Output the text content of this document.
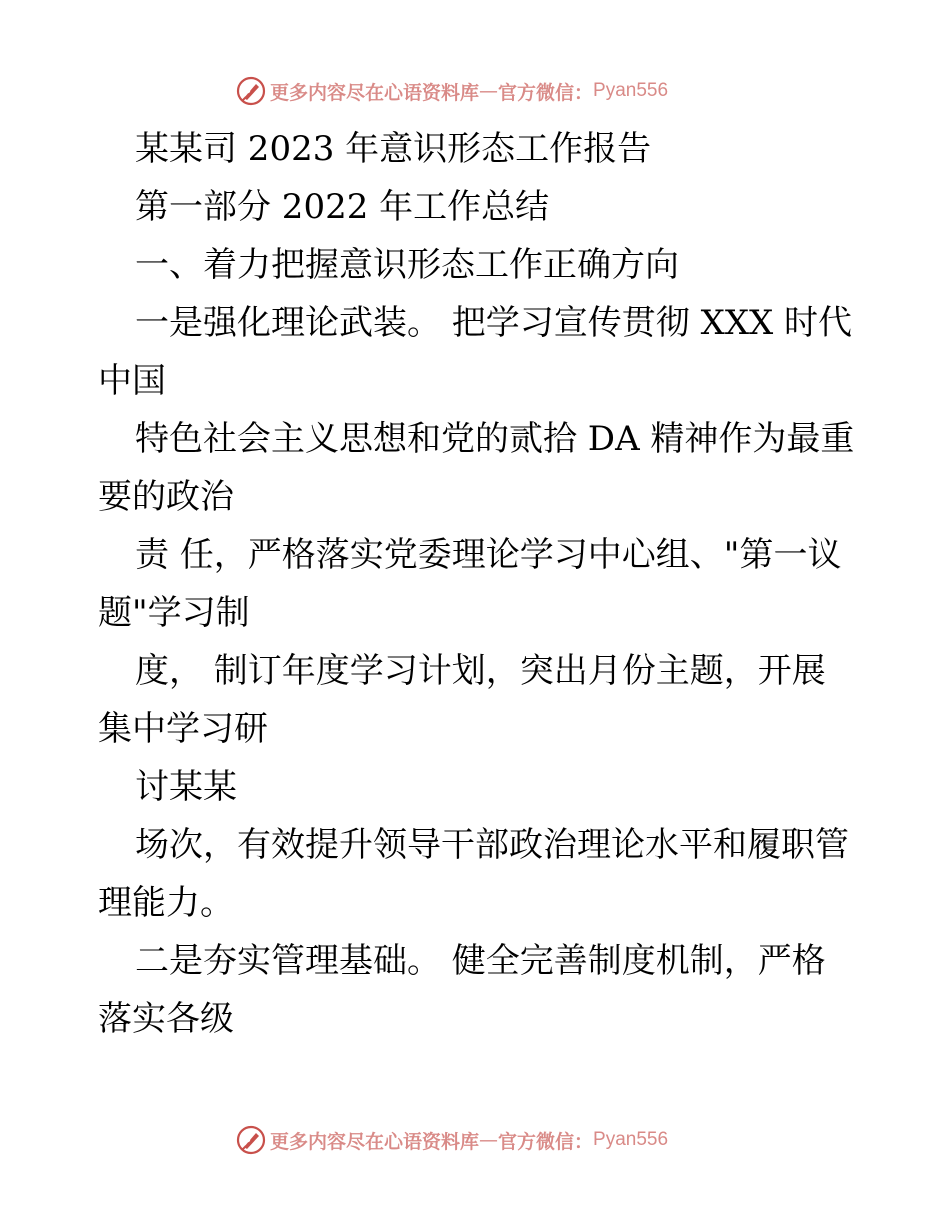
更多内容尽在心语资料库 — 官方微信： Pyan556
某某司 2023 年意识形态工作报告
第一部分 2022 年工作总结
一、着力把握意识形态工作正确方向
一是强化理论武装。 把学习宣传贯彻 XXX 时代
中国
特色社会主义思想和党的贰拾 DA 精神作为最重
要的政治
责 任，严格落实党委理论学习中心组、"第一议
题"学习制
度， 制订年度学习计划，突出月份主题，开展
集中学习研
讨某某
场次，有效提升领导干部政治理论水平和履职管
理能力。
二是夯实管理基础。 健全完善制度机制，严格
落实各级
更多内容尽在心语资料库 — 官方微信： Pyan556
